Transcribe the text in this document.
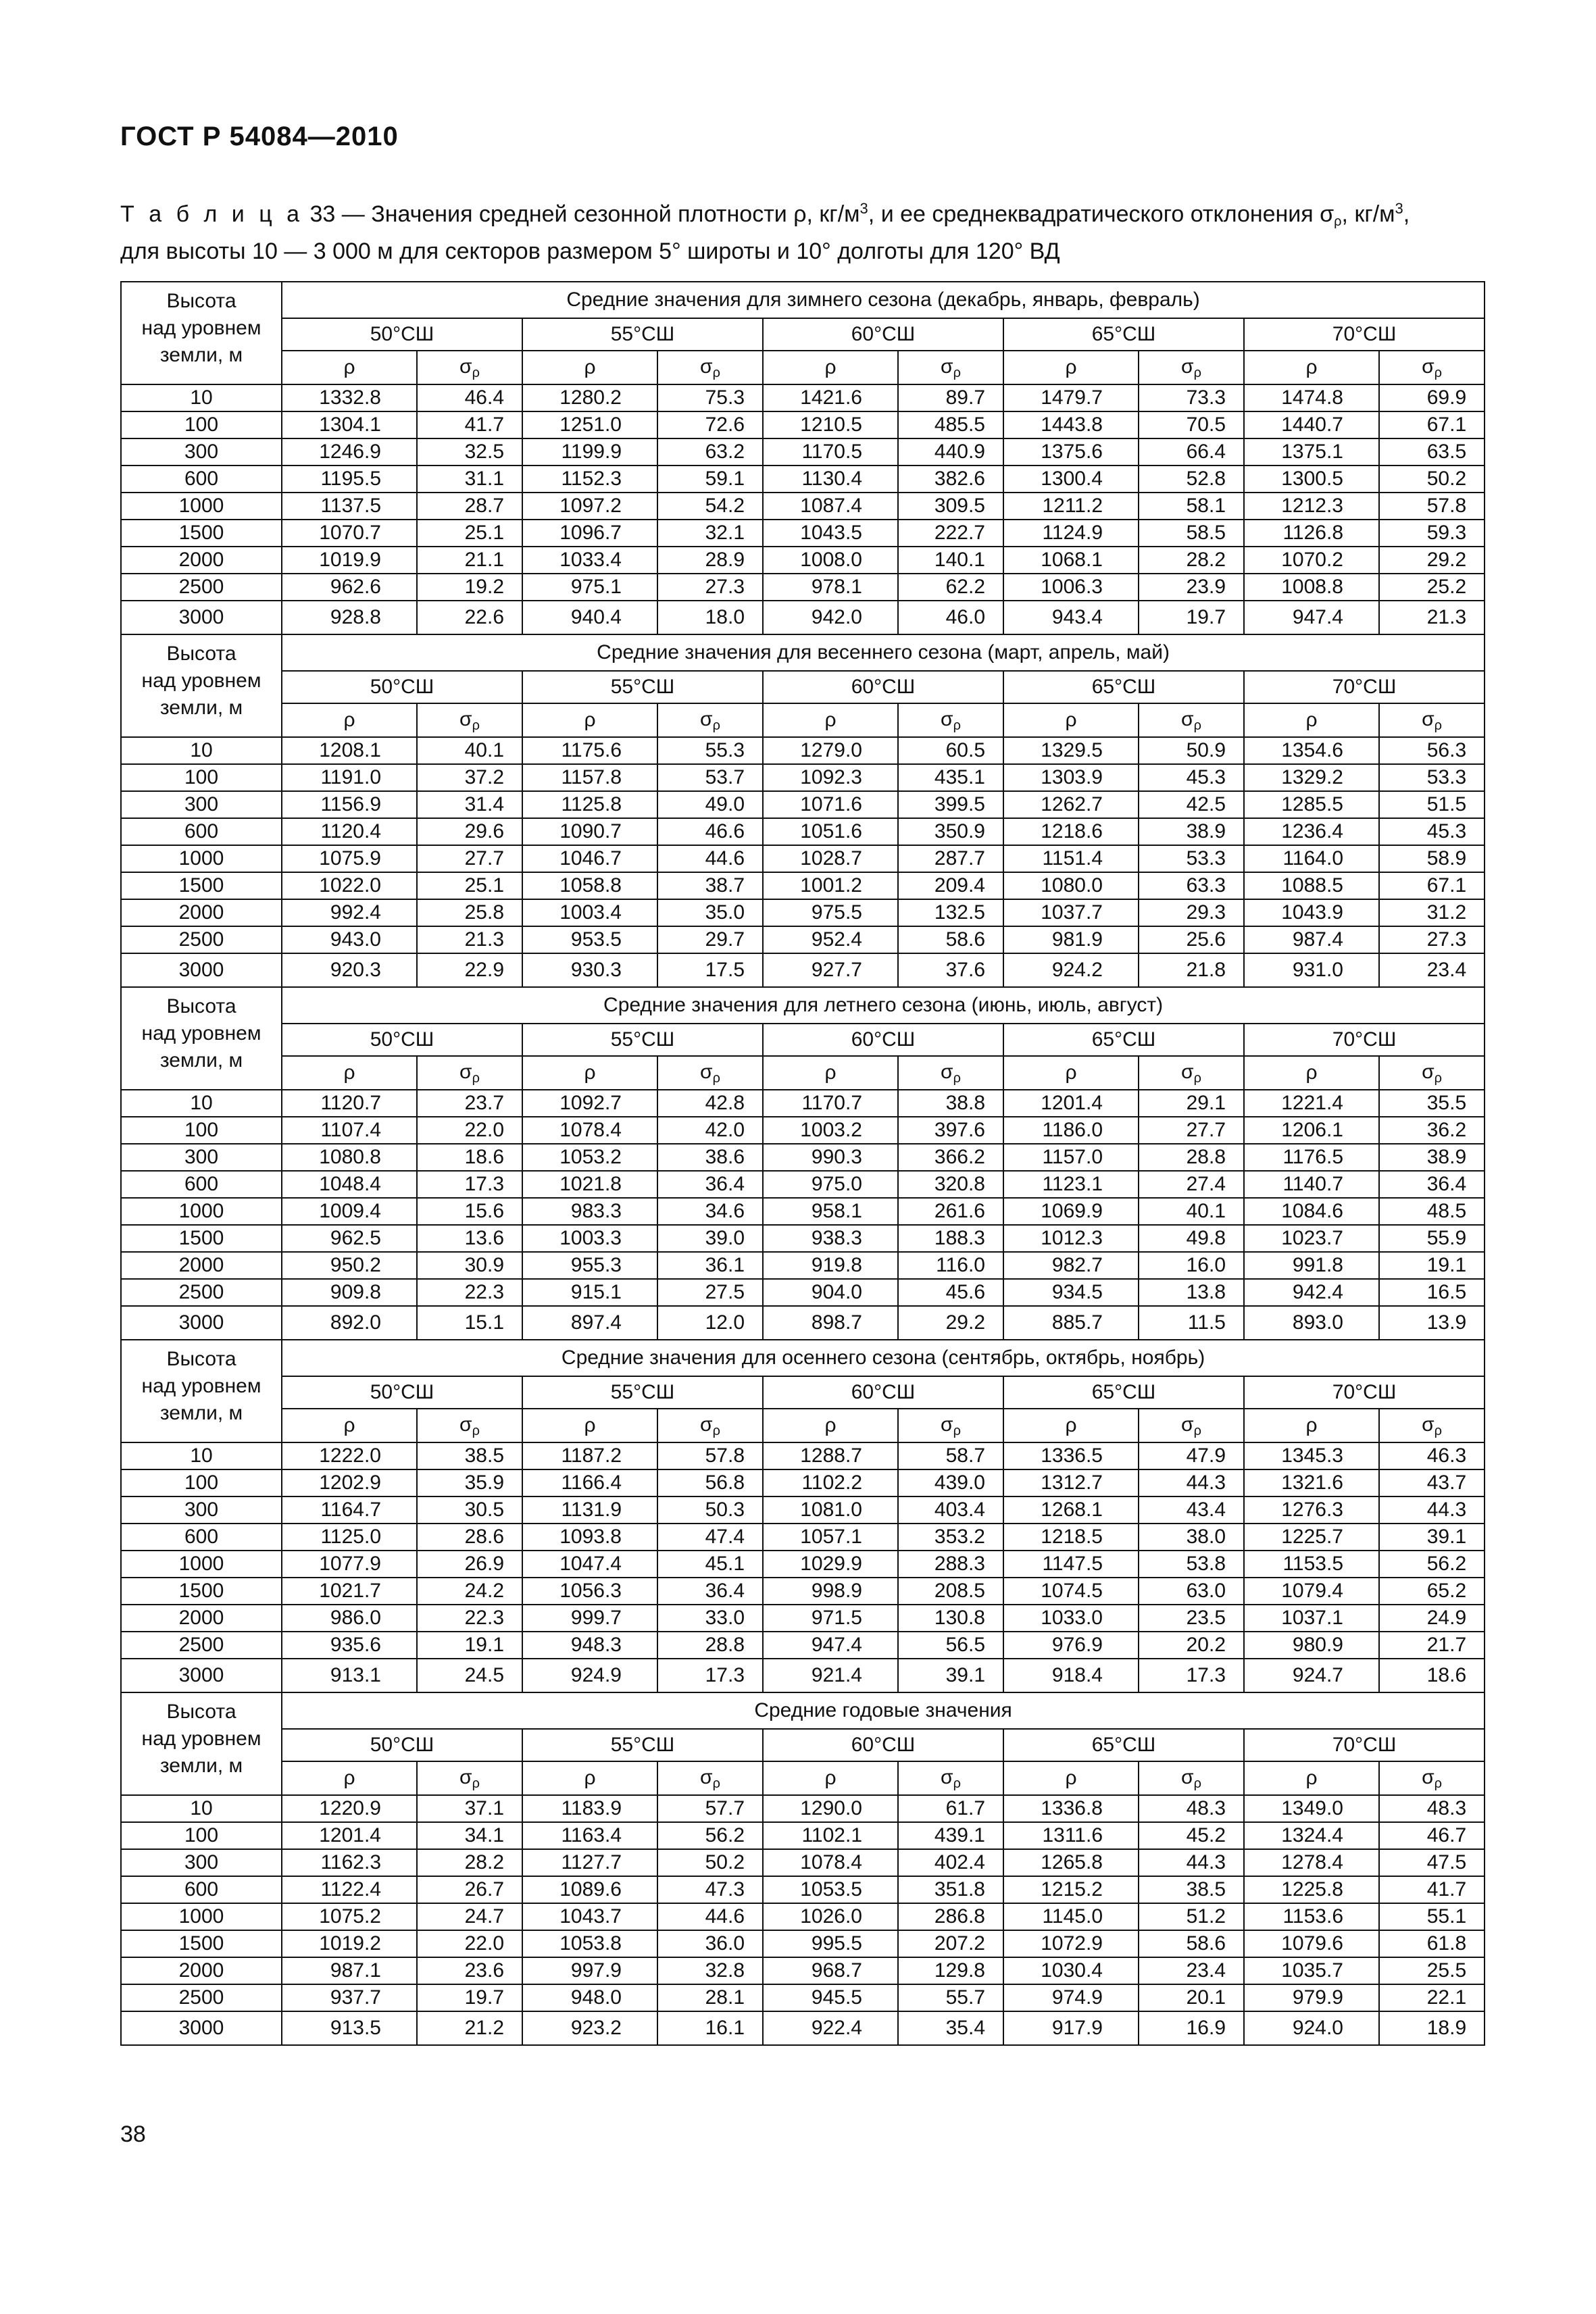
ГОСТ Р 54084—2010
Т а б л и ц а 33 — Значения средней сезонной плотности ρ, $кг/м^3$, и ее среднеквадратического отклонения σρ, $кг/м^3$,
для высоты 10 — 3 000 м для секторов размером 5° широты и 10° долготы для 120° ВД
Высота
над уровнем
земли, м	Средние значения для зимнего сезона (декабрь, январь, февраль)									
	50°СШ		55°СШ		60°СШ		65°СШ		70°СШ	
	ρ	$\sigma_\rho$	ρ	$\sigma_\rho$	ρ	$\sigma_\rho$	ρ	$\sigma_\rho$	ρ	$\sigma_\rho$
10	1332.8	46.4	1280.2	75.3	1421.6	89.7	1479.7	73.3	1474.8	69.9
100	1304.1	41.7	1251.0	72.6	1210.5	485.5	1443.8	70.5	1440.7	67.1
300	1246.9	32.5	1199.9	63.2	1170.5	440.9	1375.6	66.4	1375.1	63.5
600	1195.5	31.1	1152.3	59.1	1130.4	382.6	1300.4	52.8	1300.5	50.2
1000	1137.5	28.7	1097.2	54.2	1087.4	309.5	1211.2	58.1	1212.3	57.8
1500	1070.7	25.1	1096.7	32.1	1043.5	222.7	1124.9	58.5	1126.8	59.3
2000	1019.9	21.1	1033.4	28.9	1008.0	140.1	1068.1	28.2	1070.2	29.2
2500	962.6	19.2	975.1	27.3	978.1	62.2	1006.3	23.9	1008.8	25.2
3000	928.8	22.6	940.4	18.0	942.0	46.0	943.4	19.7	947.4	21.3

Высота
над уровнем
земли, м	Средние значения для весеннего сезона (март, апрель, май)									
	50°СШ		55°СШ		60°СШ		65°СШ		70°СШ	
	ρ	$\sigma_\rho$	ρ	$\sigma_\rho$	ρ	$\sigma_\rho$	ρ	$\sigma_\rho$	ρ	$\sigma_\rho$
10	1208.1	40.1	1175.6	55.3	1279.0	60.5	1329.5	50.9	1354.6	56.3
100	1191.0	37.2	1157.8	53.7	1092.3	435.1	1303.9	45.3	1329.2	53.3
300	1156.9	31.4	1125.8	49.0	1071.6	399.5	1262.7	42.5	1285.5	51.5
600	1120.4	29.6	1090.7	46.6	1051.6	350.9	1218.6	38.9	1236.4	45.3
1000	1075.9	27.7	1046.7	44.6	1028.7	287.7	1151.4	53.3	1164.0	58.9
1500	1022.0	25.1	1058.8	38.7	1001.2	209.4	1080.0	63.3	1088.5	67.1
2000	992.4	25.8	1003.4	35.0	975.5	132.5	1037.7	29.3	1043.9	31.2
2500	943.0	21.3	953.5	29.7	952.4	58.6	981.9	25.6	987.4	27.3
3000	920.3	22.9	930.3	17.5	927.7	37.6	924.2	21.8	931.0	23.4

Высота
над уровнем
земли, м	Средние значения для летнего сезона (июнь, июль, август)									
	50°СШ		55°СШ		60°СШ		65°СШ		70°СШ	
	ρ	$\sigma_\rho$	ρ	$\sigma_\rho$	ρ	$\sigma_\rho$	ρ	$\sigma_\rho$	ρ	$\sigma_\rho$
10	1120.7	23.7	1092.7	42.8	1170.7	38.8	1201.4	29.1	1221.4	35.5
100	1107.4	22.0	1078.4	42.0	1003.2	397.6	1186.0	27.7	1206.1	36.2
300	1080.8	18.6	1053.2	38.6	990.3	366.2	1157.0	28.8	1176.5	38.9
600	1048.4	17.3	1021.8	36.4	975.0	320.8	1123.1	27.4	1140.7	36.4
1000	1009.4	15.6	983.3	34.6	958.1	261.6	1069.9	40.1	1084.6	48.5
1500	962.5	13.6	1003.3	39.0	938.3	188.3	1012.3	49.8	1023.7	55.9
2000	950.2	30.9	955.3	36.1	919.8	116.0	982.7	16.0	991.8	19.1
2500	909.8	22.3	915.1	27.5	904.0	45.6	934.5	13.8	942.4	16.5
3000	892.0	15.1	897.4	12.0	898.7	29.2	885.7	11.5	893.0	13.9

Высота
над уровнем
земли, м	Средние значения для осеннего сезона (сентябрь, октябрь, ноябрь)									
	50°СШ		55°СШ		60°СШ		65°СШ		70°СШ	
	ρ	$\sigma_\rho$	ρ	$\sigma_\rho$	ρ	$\sigma_\rho$	ρ	$\sigma_\rho$	ρ	$\sigma_\rho$
10	1222.0	38.5	1187.2	57.8	1288.7	58.7	1336.5	47.9	1345.3	46.3
100	1202.9	35.9	1166.4	56.8	1102.2	439.0	1312.7	44.3	1321.6	43.7
300	1164.7	30.5	1131.9	50.3	1081.0	403.4	1268.1	43.4	1276.3	44.3
600	1125.0	28.6	1093.8	47.4	1057.1	353.2	1218.5	38.0	1225.7	39.1
1000	1077.9	26.9	1047.4	45.1	1029.9	288.3	1147.5	53.8	1153.5	56.2
1500	1021.7	24.2	1056.3	36.4	998.9	208.5	1074.5	63.0	1079.4	65.2
2000	986.0	22.3	999.7	33.0	971.5	130.8	1033.0	23.5	1037.1	24.9
2500	935.6	19.1	948.3	28.8	947.4	56.5	976.9	20.2	980.9	21.7
3000	913.1	24.5	924.9	17.3	921.4	39.1	918.4	17.3	924.7	18.6

Высота
над уровнем
земли, м	Средние годовые значения									
	50°СШ		55°СШ		60°СШ		65°СШ		70°СШ	
	ρ	$\sigma_\rho$	ρ	$\sigma_\rho$	ρ	$\sigma_\rho$	ρ	$\sigma_\rho$	ρ	$\sigma_\rho$
10	1220.9	37.1	1183.9	57.7	1290.0	61.7	1336.8	48.3	1349.0	48.3
100	1201.4	34.1	1163.4	56.2	1102.1	439.1	1311.6	45.2	1324.4	46.7
300	1162.3	28.2	1127.7	50.2	1078.4	402.4	1265.8	44.3	1278.4	47.5
600	1122.4	26.7	1089.6	47.3	1053.5	351.8	1215.2	38.5	1225.8	41.7
1000	1075.2	24.7	1043.7	44.6	1026.0	286.8	1145.0	51.2	1153.6	55.1
1500	1019.2	22.0	1053.8	36.0	995.5	207.2	1072.9	58.6	1079.6	61.8
2000	987.1	23.6	997.9	32.8	968.7	129.8	1030.4	23.4	1035.7	25.5
2500	937.7	19.7	948.0	28.1	945.5	55.7	974.9	20.1	979.9	22.1
3000	913.5	21.2	923.2	16.1	922.4	35.4	917.9	16.9	924.0	18.9
38
